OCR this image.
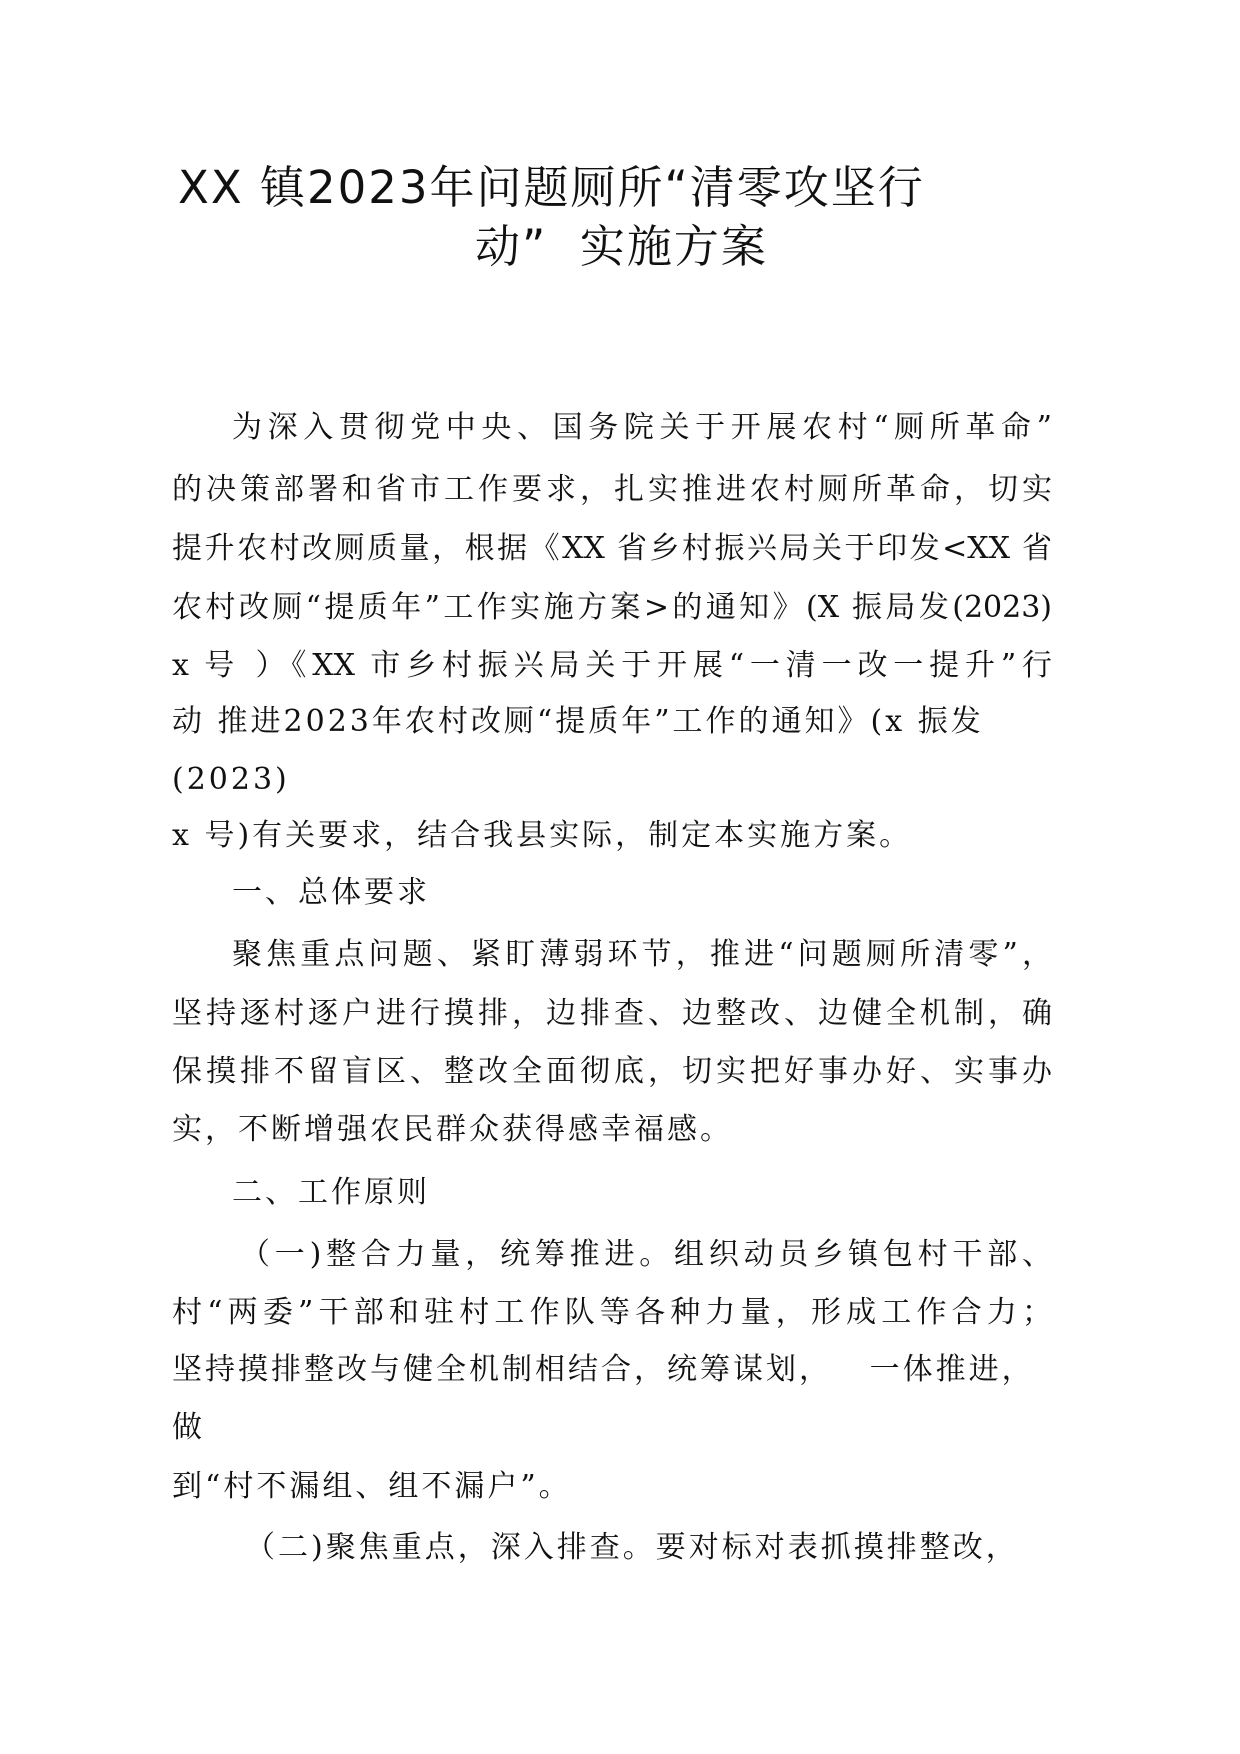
XX 镇2023年问题厕所“清零攻坚行
动”  实施方案
为深入贯彻党中央、国务院关于开展农村“厕所革命”
的决策部署和省市工作要求，扎实推进农村厕所革命，切实
提升农村改厕质量，根据《XX 省乡村振兴局关于印发<XX 省
农村改厕“提质年”工作实施方案>的通知》(X 振局发(2023)
x 号 ）《XX 市乡村振兴局关于开展“一清一改一提升”行
动 推进2023年农村改厕“提质年”工作的通知》(x 振发
(2023)
x 号)有关要求，结合我县实际，制定本实施方案。
一、总体要求
聚焦重点问题、紧盯薄弱环节，推进“问题厕所清零”，
坚持逐村逐户进行摸排，边排查、边整改、边健全机制，确
保摸排不留盲区、整改全面彻底，切实把好事办好、实事办
实，不断增强农民群众获得感幸福感。
二、工作原则
（一)整合力量，统筹推进。组织动员乡镇包村干部、
村“两委”干部和驻村工作队等各种力量，形成工作合力；
坚持摸排整改与健全机制相结合，统筹谋划，   一体推进，
做
到“村不漏组、组不漏户”。
（二)聚焦重点，深入排查。要对标对表抓摸排整改，
